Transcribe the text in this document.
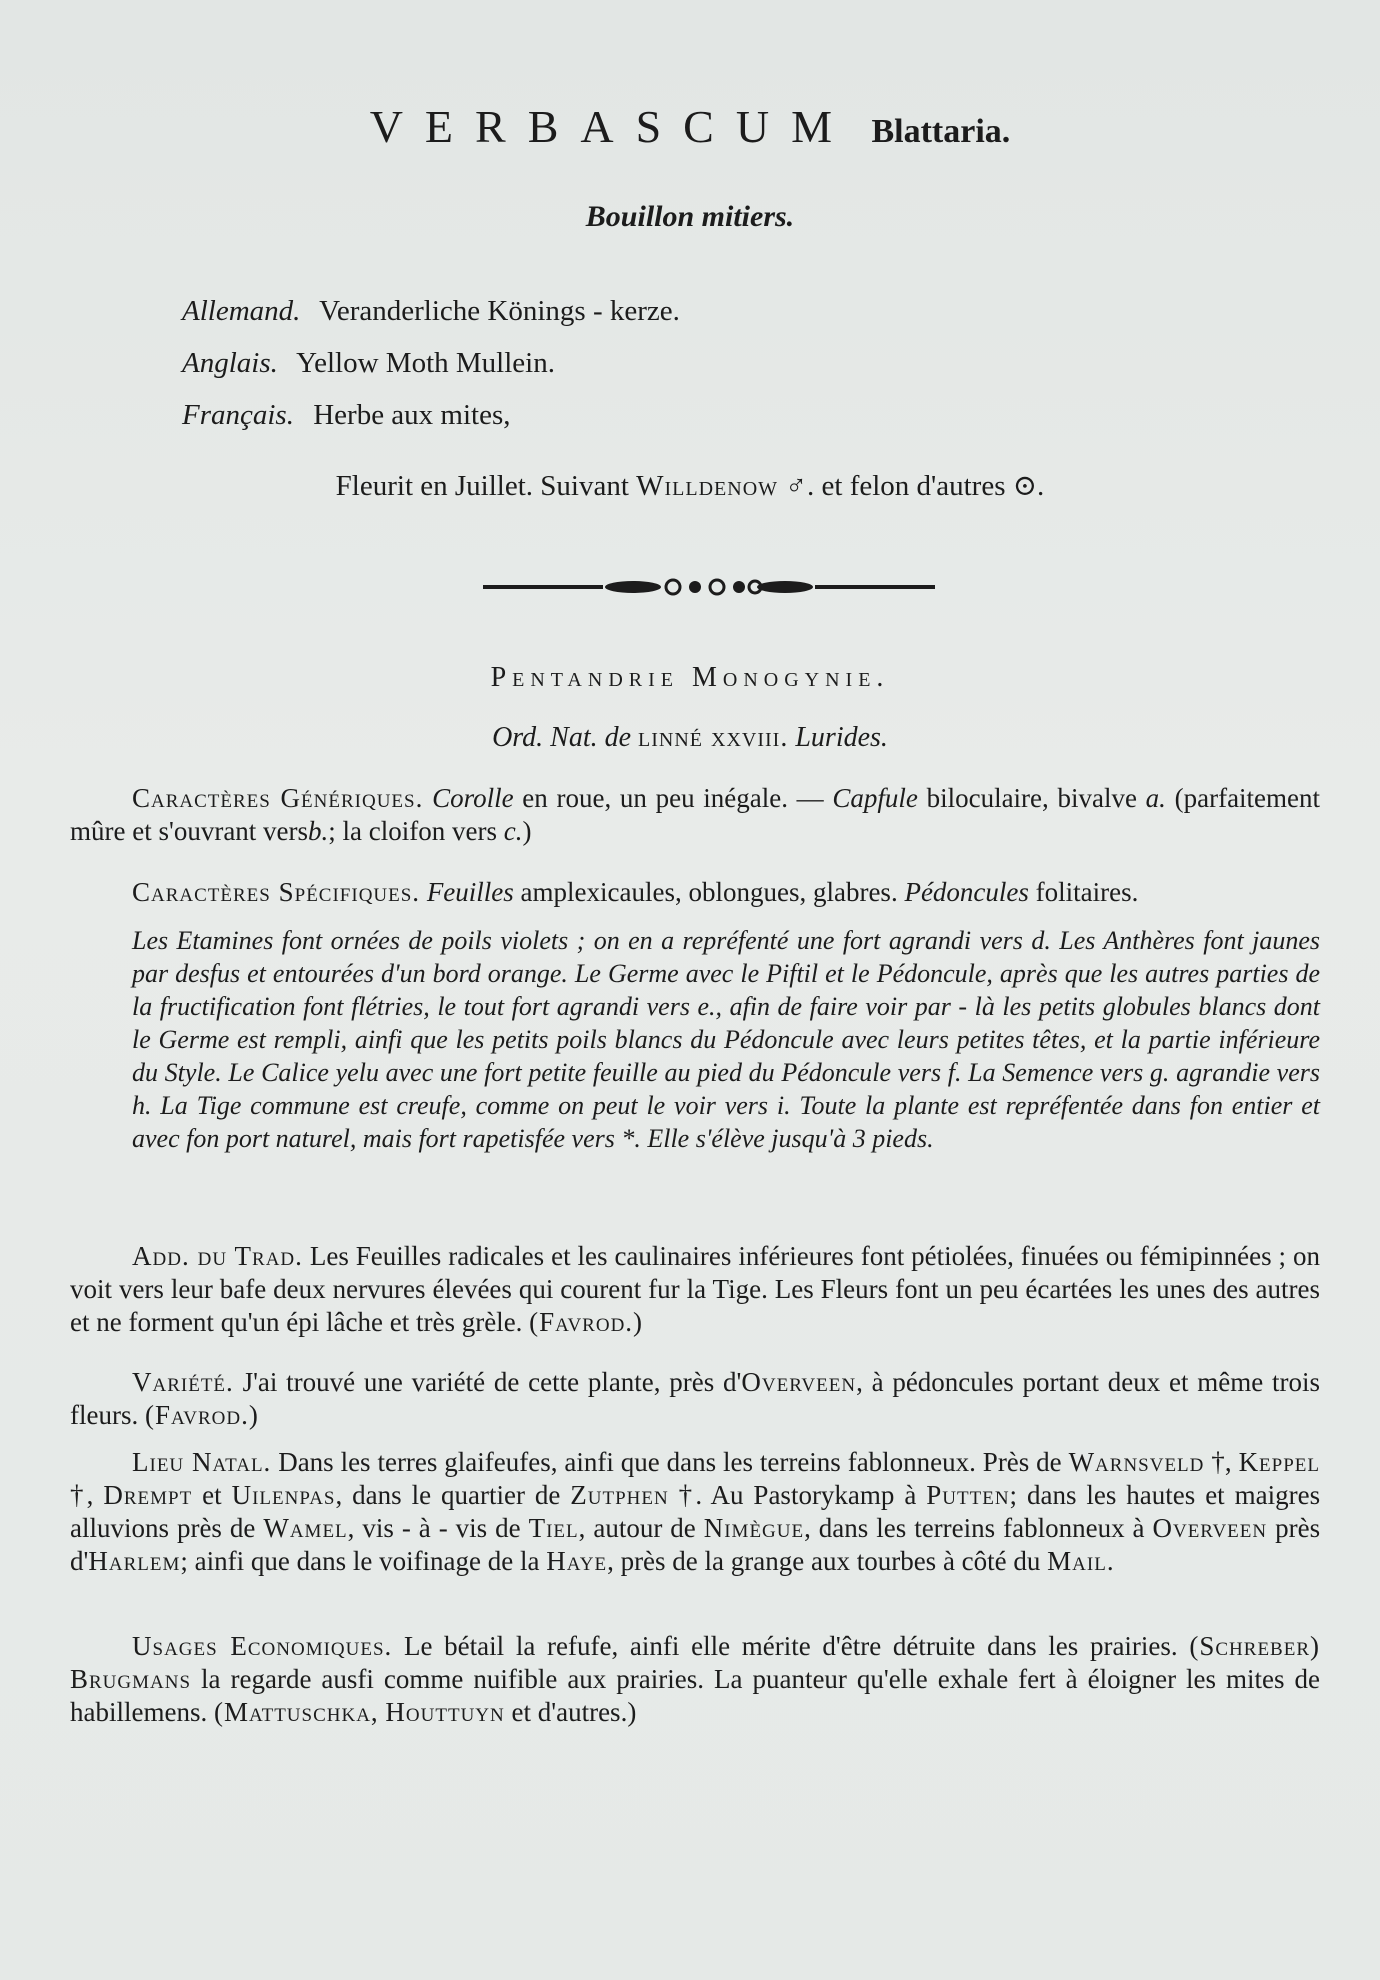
VERBASCUM Blattaria.
Bouillon mitiers.
Allemand. Veranderliche Könings - kerze.
Anglais. Yellow Moth Mullein.
Français. Herbe aux mites,
Fleurit en Juillet. Suivant Willdenow ♂. et felon d'autres ⊙.
Pentandrie Monogynie.
Ord. Nat. de linné xxviii. Lurides.
Caractères Génériques. Corolle en roue, un peu inégale. — Capfule biloculaire, bivalve a. (parfaitement mûre et s'ouvrant versb.; la cloifon vers c.)
Caractères Spécifiques. Feuilles amplexicaules, oblongues, glabres. Pédoncules folitaires.
Les Etamines font ornées de poils violets ; on en a repréfenté une fort agrandi vers d. Les Anthères font jaunes par desfus et entourées d'un bord orange. Le Germe avec le Piftil et le Pédoncule, après que les autres parties de la fructification font flétries, le tout fort agrandi vers e., afin de faire voir par - là les petits globules blancs dont le Germe est rempli, ainfi que les petits poils blancs du Pédoncule avec leurs petites têtes, et la partie inférieure du Style. Le Calice yelu avec une fort petite feuille au pied du Pédoncule vers f. La Semence vers g. agrandie vers h. La Tige commune est creufe, comme on peut le voir vers i. Toute la plante est repréfentée dans fon entier et avec fon port naturel, mais fort rapetisfée vers *. Elle s'élève jusqu'à 3 pieds.
Add. du Trad. Les Feuilles radicales et les caulinaires inférieures font pétiolées, finuées ou fémipinnées ; on voit vers leur bafe deux nervures élevées qui courent fur la Tige. Les Fleurs font un peu écartées les unes des autres et ne forment qu'un épi lâche et très grèle. (Favrod.)
Variété. J'ai trouvé une variété de cette plante, près d'Overveen, à pédoncules portant deux et même trois fleurs. (Favrod.)
Lieu Natal. Dans les terres glaifeufes, ainfi que dans les terreins fablonneux. Près de Warnsveld †, Keppel †, Drempt et Uilenpas, dans le quartier de Zutphen †. Au Pastorykamp à Putten; dans les hautes et maigres alluvions près de Wamel, vis - à - vis de Tiel, autour de Nimègue, dans les terreins fablonneux à Overveen près d'Harlem; ainfi que dans le voifinage de la Haye, près de la grange aux tourbes à côté du Mail.
Usages Economiques. Le bétail la refufe, ainfi elle mérite d'être détruite dans les prairies. (Schreber) Brugmans la regarde ausfi comme nuifible aux prairies. La puanteur qu'elle exhale fert à éloigner les mites de habillemens. (Mattuschka, Houttuyn et d'autres.)
